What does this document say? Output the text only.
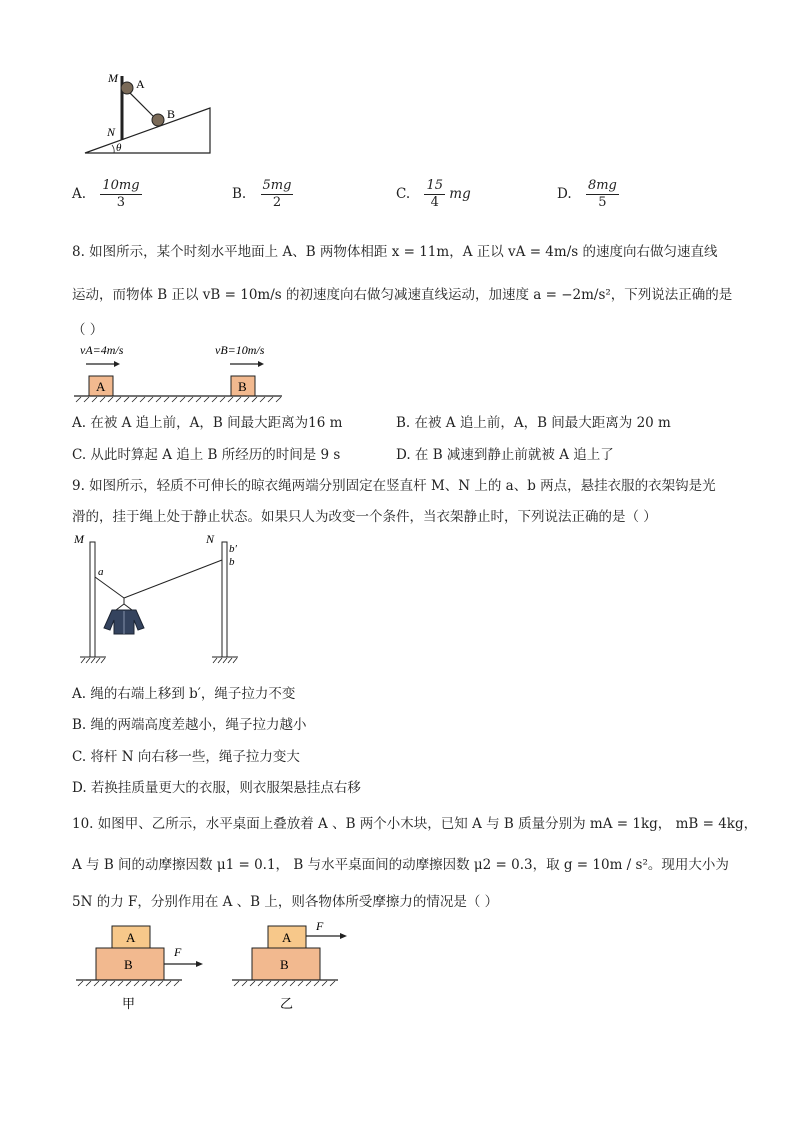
M A
B
N
θ
A. $\frac{10mg}{3}$	B. $\frac{5mg}{2}$	C. $\frac{15}{4}$ mg	D. $\frac{8mg}{5}$
8. 如图所示，某个时刻水平地面上 A、B 两物体相距 x = 11m，A 正以 vA = 4m/s 的速度向右做匀速直线
运动，而物体 B 正以 vB = 10m/s 的初速度向右做匀减速直线运动，加速度 a = −2m/s²，下列说法正确的是
（ ）
vA=4m/s	vB=10m/s
A	B
A. 在被 A 追上前，A，B 间最大距离为16 m	B. 在被 A 追上前，A，B 间最大距离为 20 m
C. 从此时算起 A 追上 B 所经历的时间是 9 s	D. 在 B 减速到静止前就被 A 追上了
9. 如图所示，轻质不可伸长的晾衣绳两端分别固定在竖直杆 M、N 上的 a、b 两点，悬挂衣服的衣架钩是光
滑的，挂于绳上处于静止状态。如果只人为改变一个条件，当衣架静止时，下列说法正确的是（ ）
M	N
b′
b
a
A. 绳的右端上移到 b′，绳子拉力不变
B. 绳的两端高度差越小，绳子拉力越小
C. 将杆 N 向右移一些，绳子拉力变大
D. 若换挂质量更大的衣服，则衣服架悬挂点右移
10. 如图甲、乙所示，水平桌面上叠放着 A 、B 两个小木块，已知 A 与 B 质量分别为 mA = 1kg， mB = 4kg，
A 与 B 间的动摩擦因数 μ1 = 0.1， B 与水平桌面间的动摩擦因数 μ2 = 0.3，取 g = 10m / s²。现用大小为
5N 的力 F，分别作用在 A 、B 上，则各物体所受摩擦力的情况是（ ）
A
B
F
甲
A
F
B
乙
